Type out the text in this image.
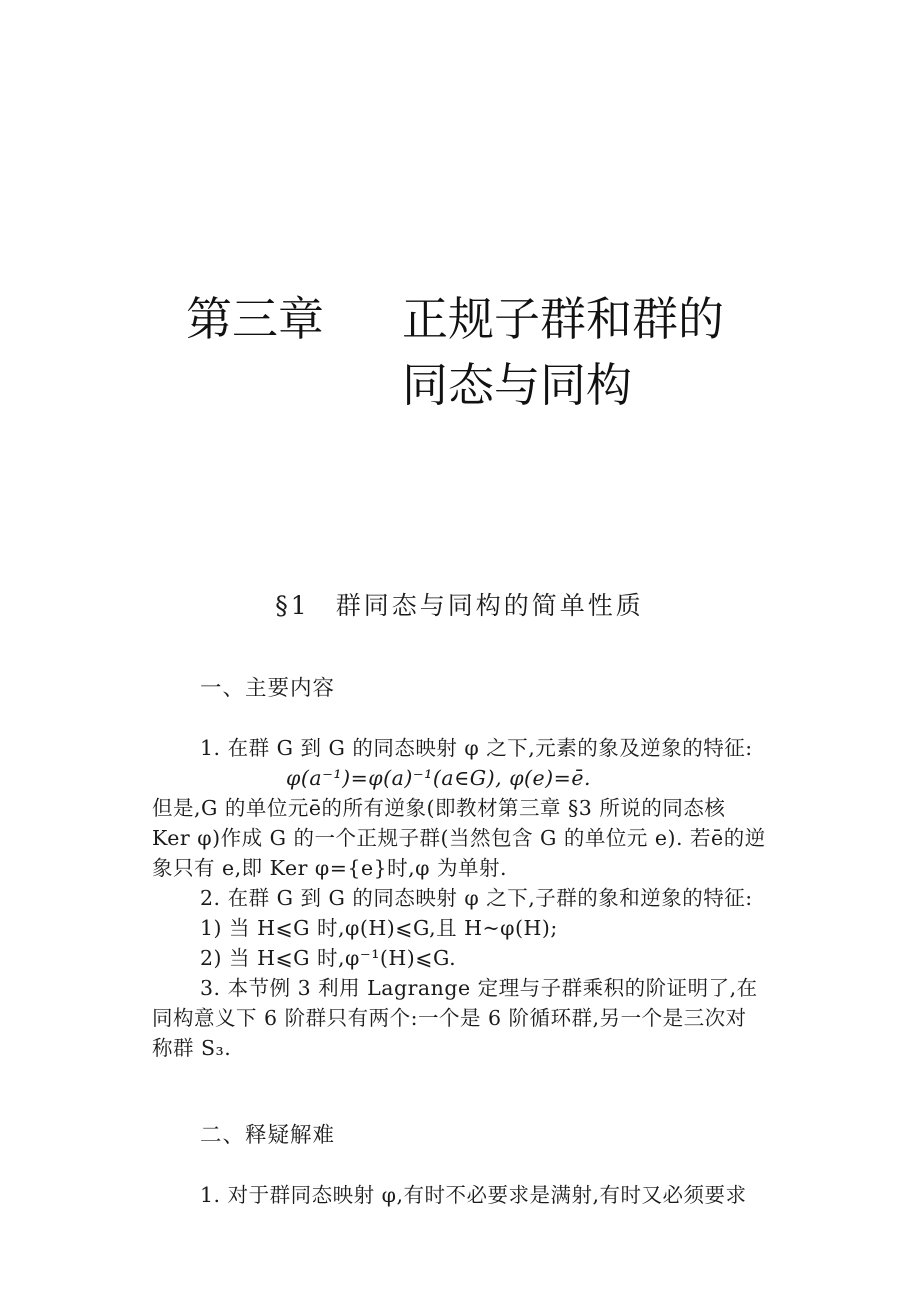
第三章	正规子群和群的
同态与同构
§1 群同态与同构的简单性质
一、主要内容
1. 在群 G 到 G 的同态映射 φ 之下,元素的象及逆象的特征:
φ(a⁻¹)=φ(a)⁻¹(a∈G), φ(e)=ē.
但是,G 的单位元ē的所有逆象(即教材第三章 §3 所说的同态核
Ker φ)作成 G 的一个正规子群(当然包含 G 的单位元 e). 若ē的逆
象只有 e,即 Ker φ={e}时,φ 为单射.
2. 在群 G 到 G 的同态映射 φ 之下,子群的象和逆象的特征:
1) 当 H⩽G 时,φ(H)⩽G,且 H~φ(H);
2) 当 H⩽G 时,φ⁻¹(H)⩽G.
3. 本节例 3 利用 Lagrange 定理与子群乘积的阶证明了,在
同构意义下 6 阶群只有两个:一个是 6 阶循环群,另一个是三次对
称群 S₃.
二、释疑解难
1. 对于群同态映射 φ,有时不必要求是满射,有时又必须要求
